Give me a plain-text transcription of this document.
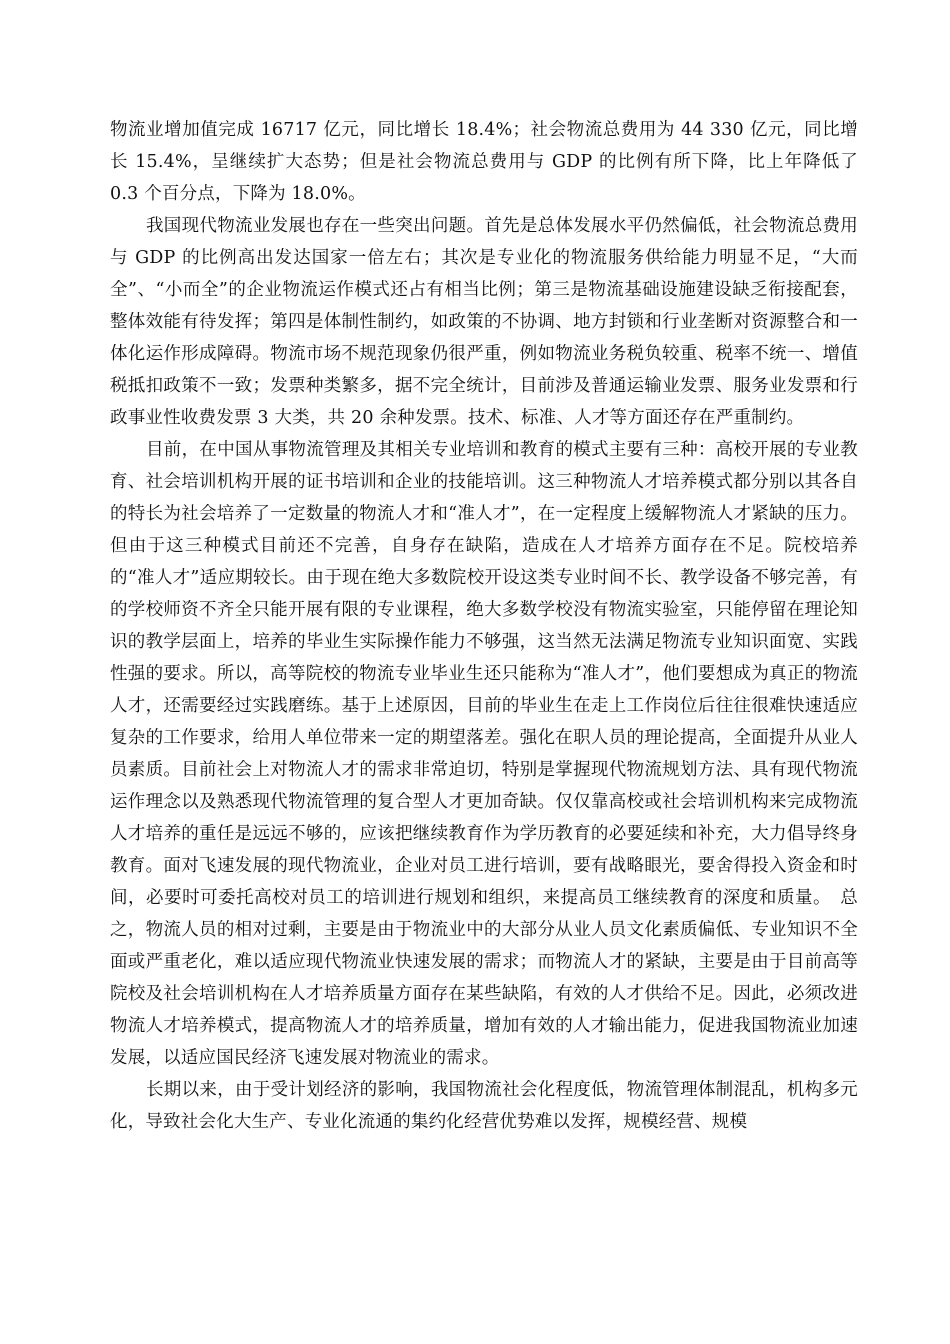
物流业增加值完成 16717 亿元，同比增长 18.4%；社会物流总费用为 44 330 亿元，同比增长 15.4%，呈继续扩大态势；但是社会物流总费用与 GDP 的比例有所下降，比上年降低了 0.3 个百分点，下降为 18.0%。

我国现代物流业发展也存在一些突出问题。首先是总体发展水平仍然偏低，社会物流总费用与 GDP 的比例高出发达国家一倍左右；其次是专业化的物流服务供给能力明显不足，“大而全”、“小而全”的企业物流运作模式还占有相当比例；第三是物流基础设施建设缺乏衔接配套，整体效能有待发挥；第四是体制性制约，如政策的不协调、地方封锁和行业垄断对资源整合和一体化运作形成障碍。物流市场不规范现象仍很严重，例如物流业务税负较重、税率不统一、增值税抵扣政策不一致；发票种类繁多，据不完全统计，目前涉及普通运输业发票、服务业发票和行政事业性收费发票 3 大类，共 20 余种发票。技术、标准、人才等方面还存在严重制约。

目前，在中国从事物流管理及其相关专业培训和教育的模式主要有三种：高校开展的专业教育、社会培训机构开展的证书培训和企业的技能培训。这三种物流人才培养模式都分别以其各自的特长为社会培养了一定数量的物流人才和“准人才”，在一定程度上缓解物流人才紧缺的压力。但由于这三种模式目前还不完善，自身存在缺陷，造成在人才培养方面存在不足。院校培养的“准人才”适应期较长。由于现在绝大多数院校开设这类专业时间不长、教学设备不够完善，有的学校师资不齐全只能开展有限的专业课程，绝大多数学校没有物流实验室，只能停留在理论知识的教学层面上，培养的毕业生实际操作能力不够强，这当然无法满足物流专业知识面宽、实践性强的要求。所以，高等院校的物流专业毕业生还只能称为“准人才”，他们要想成为真正的物流人才，还需要经过实践磨练。基于上述原因，目前的毕业生在走上工作岗位后往往很难快速适应复杂的工作要求，给用人单位带来一定的期望落差。强化在职人员的理论提高，全面提升从业人员素质。目前社会上对物流人才的需求非常迫切，特别是掌握现代物流规划方法、具有现代物流运作理念以及熟悉现代物流管理的复合型人才更加奇缺。仅仅靠高校或社会培训机构来完成物流人才培养的重任是远远不够的，应该把继续教育作为学历教育的必要延续和补充，大力倡导终身教育。面对飞速发展的现代物流业，企业对员工进行培训，要有战略眼光，要舍得投入资金和时间，必要时可委托高校对员工的培训进行规划和组织，来提高员工继续教育的深度和质量。　总之，物流人员的相对过剩，主要是由于物流业中的大部分从业人员文化素质偏低、专业知识不全面或严重老化，难以适应现代物流业快速发展的需求；而物流人才的紧缺，主要是由于目前高等院校及社会培训机构在人才培养质量方面存在某些缺陷，有效的人才供给不足。因此，必须改进物流人才培养模式，提高物流人才的培养质量，增加有效的人才输出能力，促进我国物流业加速发展，以适应国民经济飞速发展对物流业的需求。

长期以来，由于受计划经济的影响，我国物流社会化程度低，物流管理体制混乱，机构多元化，导致社会化大生产、专业化流通的集约化经营优势难以发挥，规模经营、规模
